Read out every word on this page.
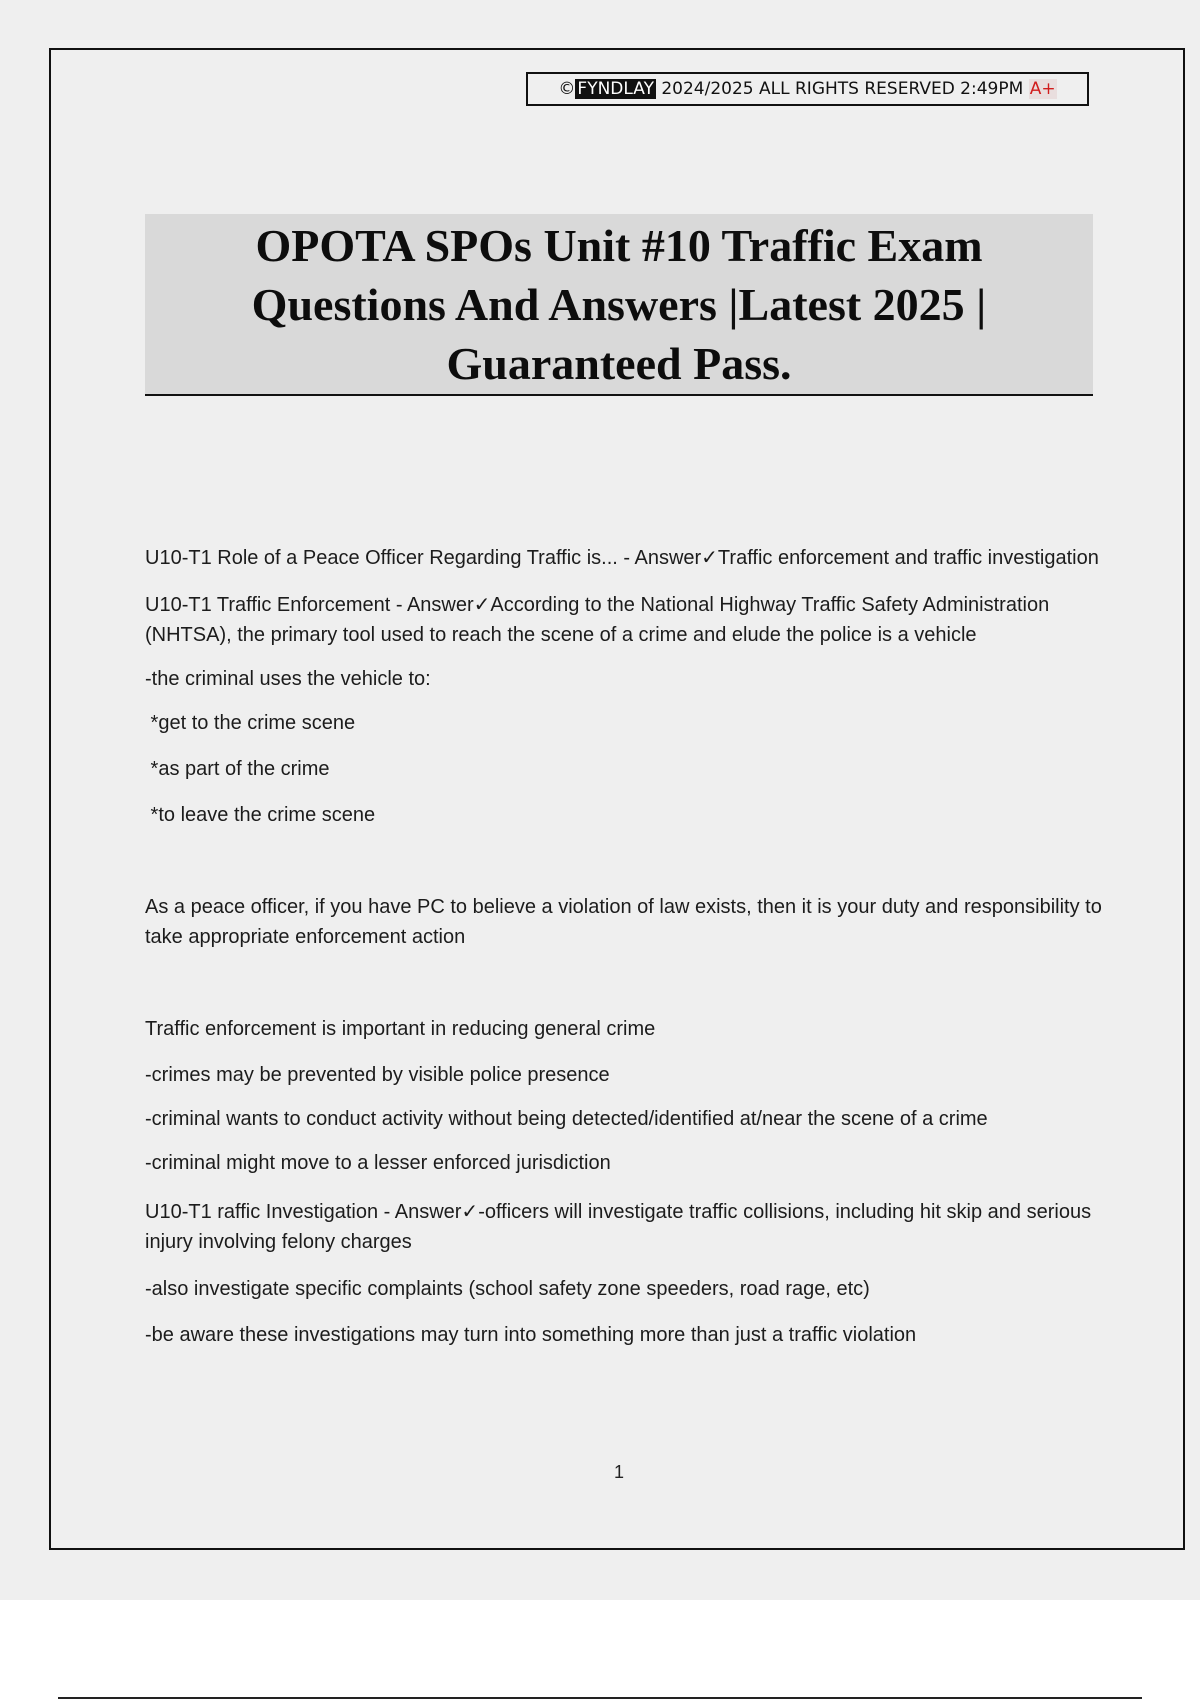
© FYNDLAY 2024/2025 ALL RIGHTS RESERVED 2:49PM A+
OPOTA SPOs Unit #10 Traffic Exam Questions And Answers |Latest 2025 | Guaranteed Pass.

U10-T1 Role of a Peace Officer Regarding Traffic is... - Answer✓Traffic enforcement and traffic investigation

U10-T1 Traffic Enforcement - Answer✓According to the National Highway Traffic Safety Administration (NHTSA), the primary tool used to reach the scene of a crime and elude the police is a vehicle

-the criminal uses the vehicle to:

*get to the crime scene

*as part of the crime

*to leave the crime scene

As a peace officer, if you have PC to believe a violation of law exists, then it is your duty and responsibility to take appropriate enforcement action

Traffic enforcement is important in reducing general crime

-crimes may be prevented by visible police presence

-criminal wants to conduct activity without being detected/identified at/near the scene of a crime

-criminal might move to a lesser enforced jurisdiction

U10-T1 raffic Investigation - Answer✓-officers will investigate traffic collisions, including hit skip and serious injury involving felony charges

-also investigate specific complaints (school safety zone speeders, road rage, etc)

-be aware these investigations may turn into something more than just a traffic violation

1
